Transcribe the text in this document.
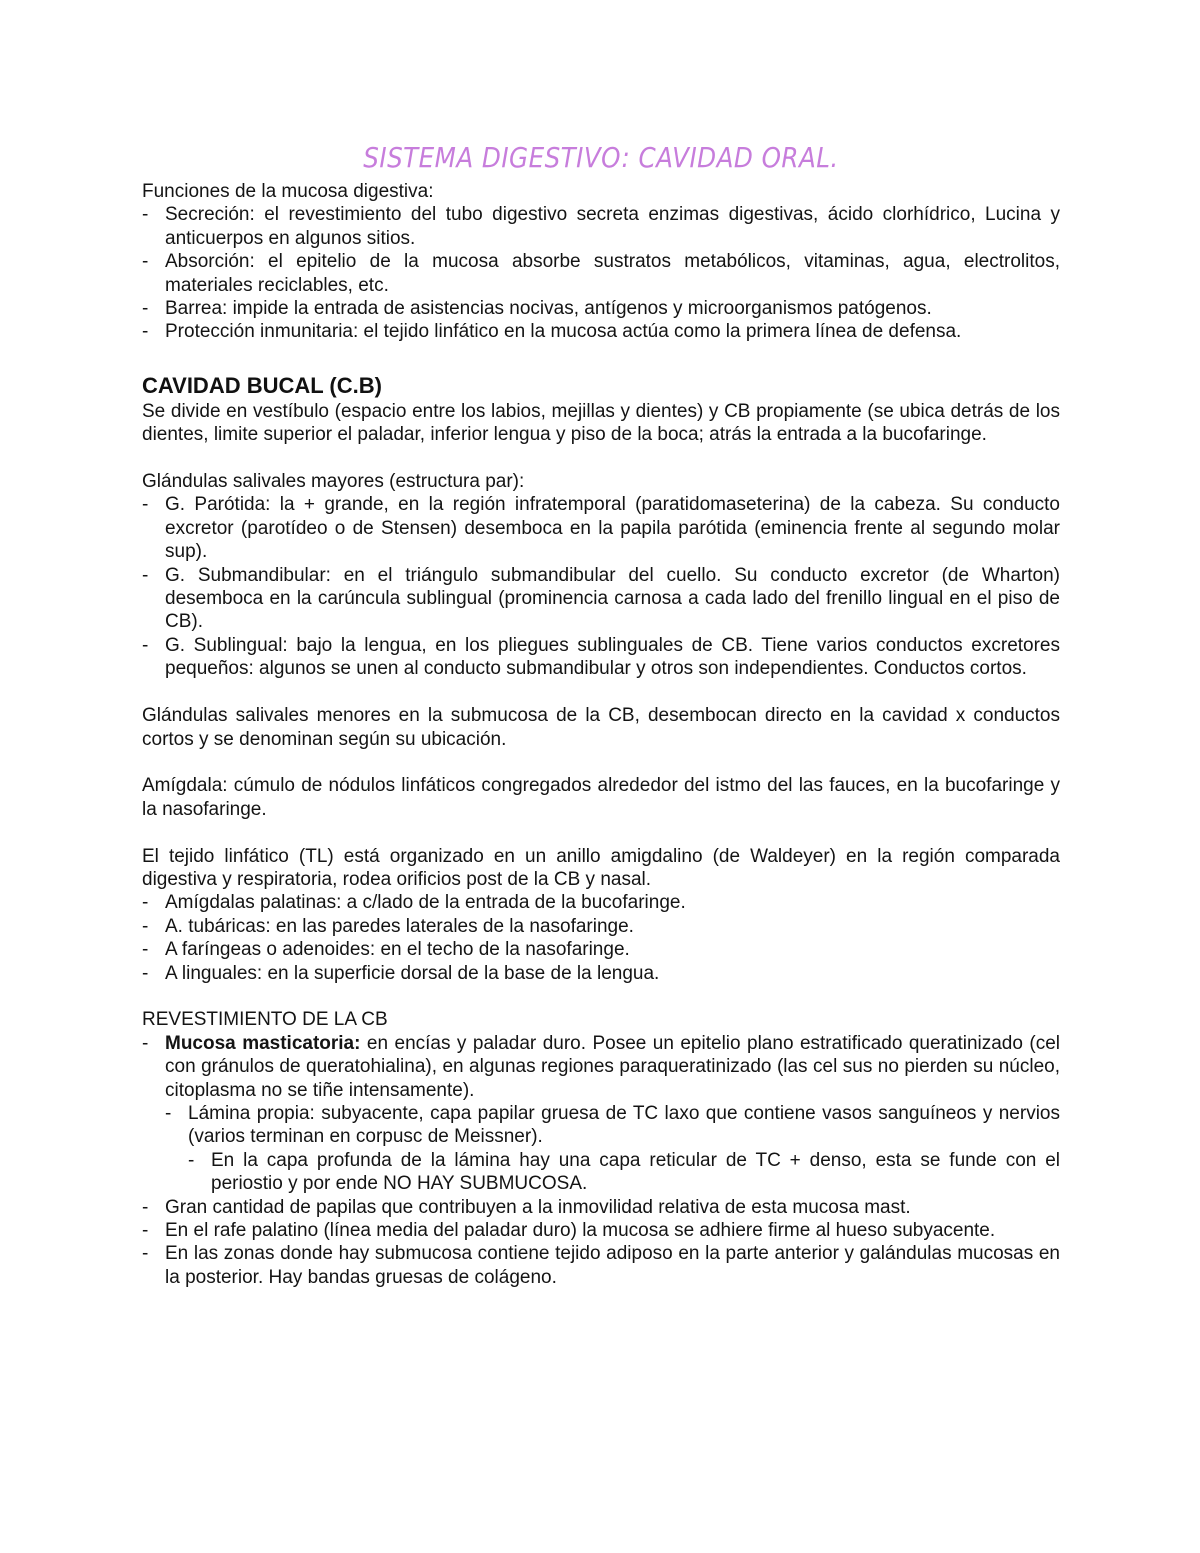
SISTEMA DIGESTIVO: CAVIDAD ORAL.

Funciones de la mucosa digestiva:

- Secreción: el revestimiento del tubo digestivo secreta enzimas digestivas, ácido clorhídrico, Lucina y anticuerpos en algunos sitios.
- Absorción: el epitelio de la mucosa absorbe sustratos metabólicos, vitaminas, agua, electrolitos, materiales reciclables, etc.
- Barrea: impide la entrada de asistencias nocivas, antígenos y microorganismos patógenos.
- Protección inmunitaria: el tejido linfático en la mucosa actúa como la primera línea de defensa.
CAVIDAD BUCAL (C.B)

Se divide en vestíbulo (espacio entre los labios, mejillas y dientes) y CB propiamente (se ubica detrás de los dientes, limite superior el paladar, inferior lengua y piso de la boca; atrás la entrada a la bucofaringe.

Glándulas salivales mayores (estructura par):

- G. Parótida: la + grande, en la región infratemporal (paratidomaseterina) de la cabeza. Su conducto excretor (parotídeo o de Stensen) desemboca en la papila parótida (eminencia frente al segundo molar sup).
- G. Submandibular: en el triángulo submandibular del cuello. Su conducto excretor (de Wharton) desemboca en la carúncula sublingual (prominencia carnosa a cada lado del frenillo lingual en el piso de CB).
- G. Sublingual: bajo la lengua, en los pliegues sublinguales de CB. Tiene varios conductos excretores pequeños: algunos se unen al conducto submandibular y otros son independientes. Conductos cortos.

Glándulas salivales menores en la submucosa de la CB, desembocan directo en la cavidad x conductos cortos y se denominan según su ubicación.

Amígdala: cúmulo de nódulos linfáticos congregados alrededor del istmo del las fauces, en la bucofaringe y la nasofaringe.

El tejido linfático (TL) está organizado en un anillo amigdalino (de Waldeyer) en la región comparada digestiva y respiratoria, rodea orificios post de la CB y nasal.

- Amígdalas palatinas: a c/lado de la entrada de la bucofaringe.
- A. tubáricas: en las paredes laterales de la nasofaringe.
- A faríngeas o adenoides: en el techo de la nasofaringe.
- A linguales: en la superficie dorsal de la base de la lengua.

REVESTIMIENTO DE LA CB

- Mucosa masticatoria: en encías y paladar duro. Posee un epitelio plano estratificado queratinizado (cel con gránulos de queratohialina), en algunas regiones paraqueratinizado (las cel sus no pierden su núcleo, citoplasma no se tiñe intensamente).
- Lámina propia: subyacente, capa papilar gruesa de TC laxo que contiene vasos sanguíneos y nervios (varios terminan en corpusc de Meissner).
- En la capa profunda de la lámina hay una capa reticular de TC + denso, esta se funde con el periostio y por ende NO HAY SUBMUCOSA.
- Gran cantidad de papilas que contribuyen a la inmovilidad relativa de esta mucosa mast.
- En el rafe palatino (línea media del paladar duro) la mucosa se adhiere firme al hueso subyacente.
- En las zonas donde hay submucosa contiene tejido adiposo en la parte anterior y galándulas mucosas en la posterior. Hay bandas gruesas de colágeno.
